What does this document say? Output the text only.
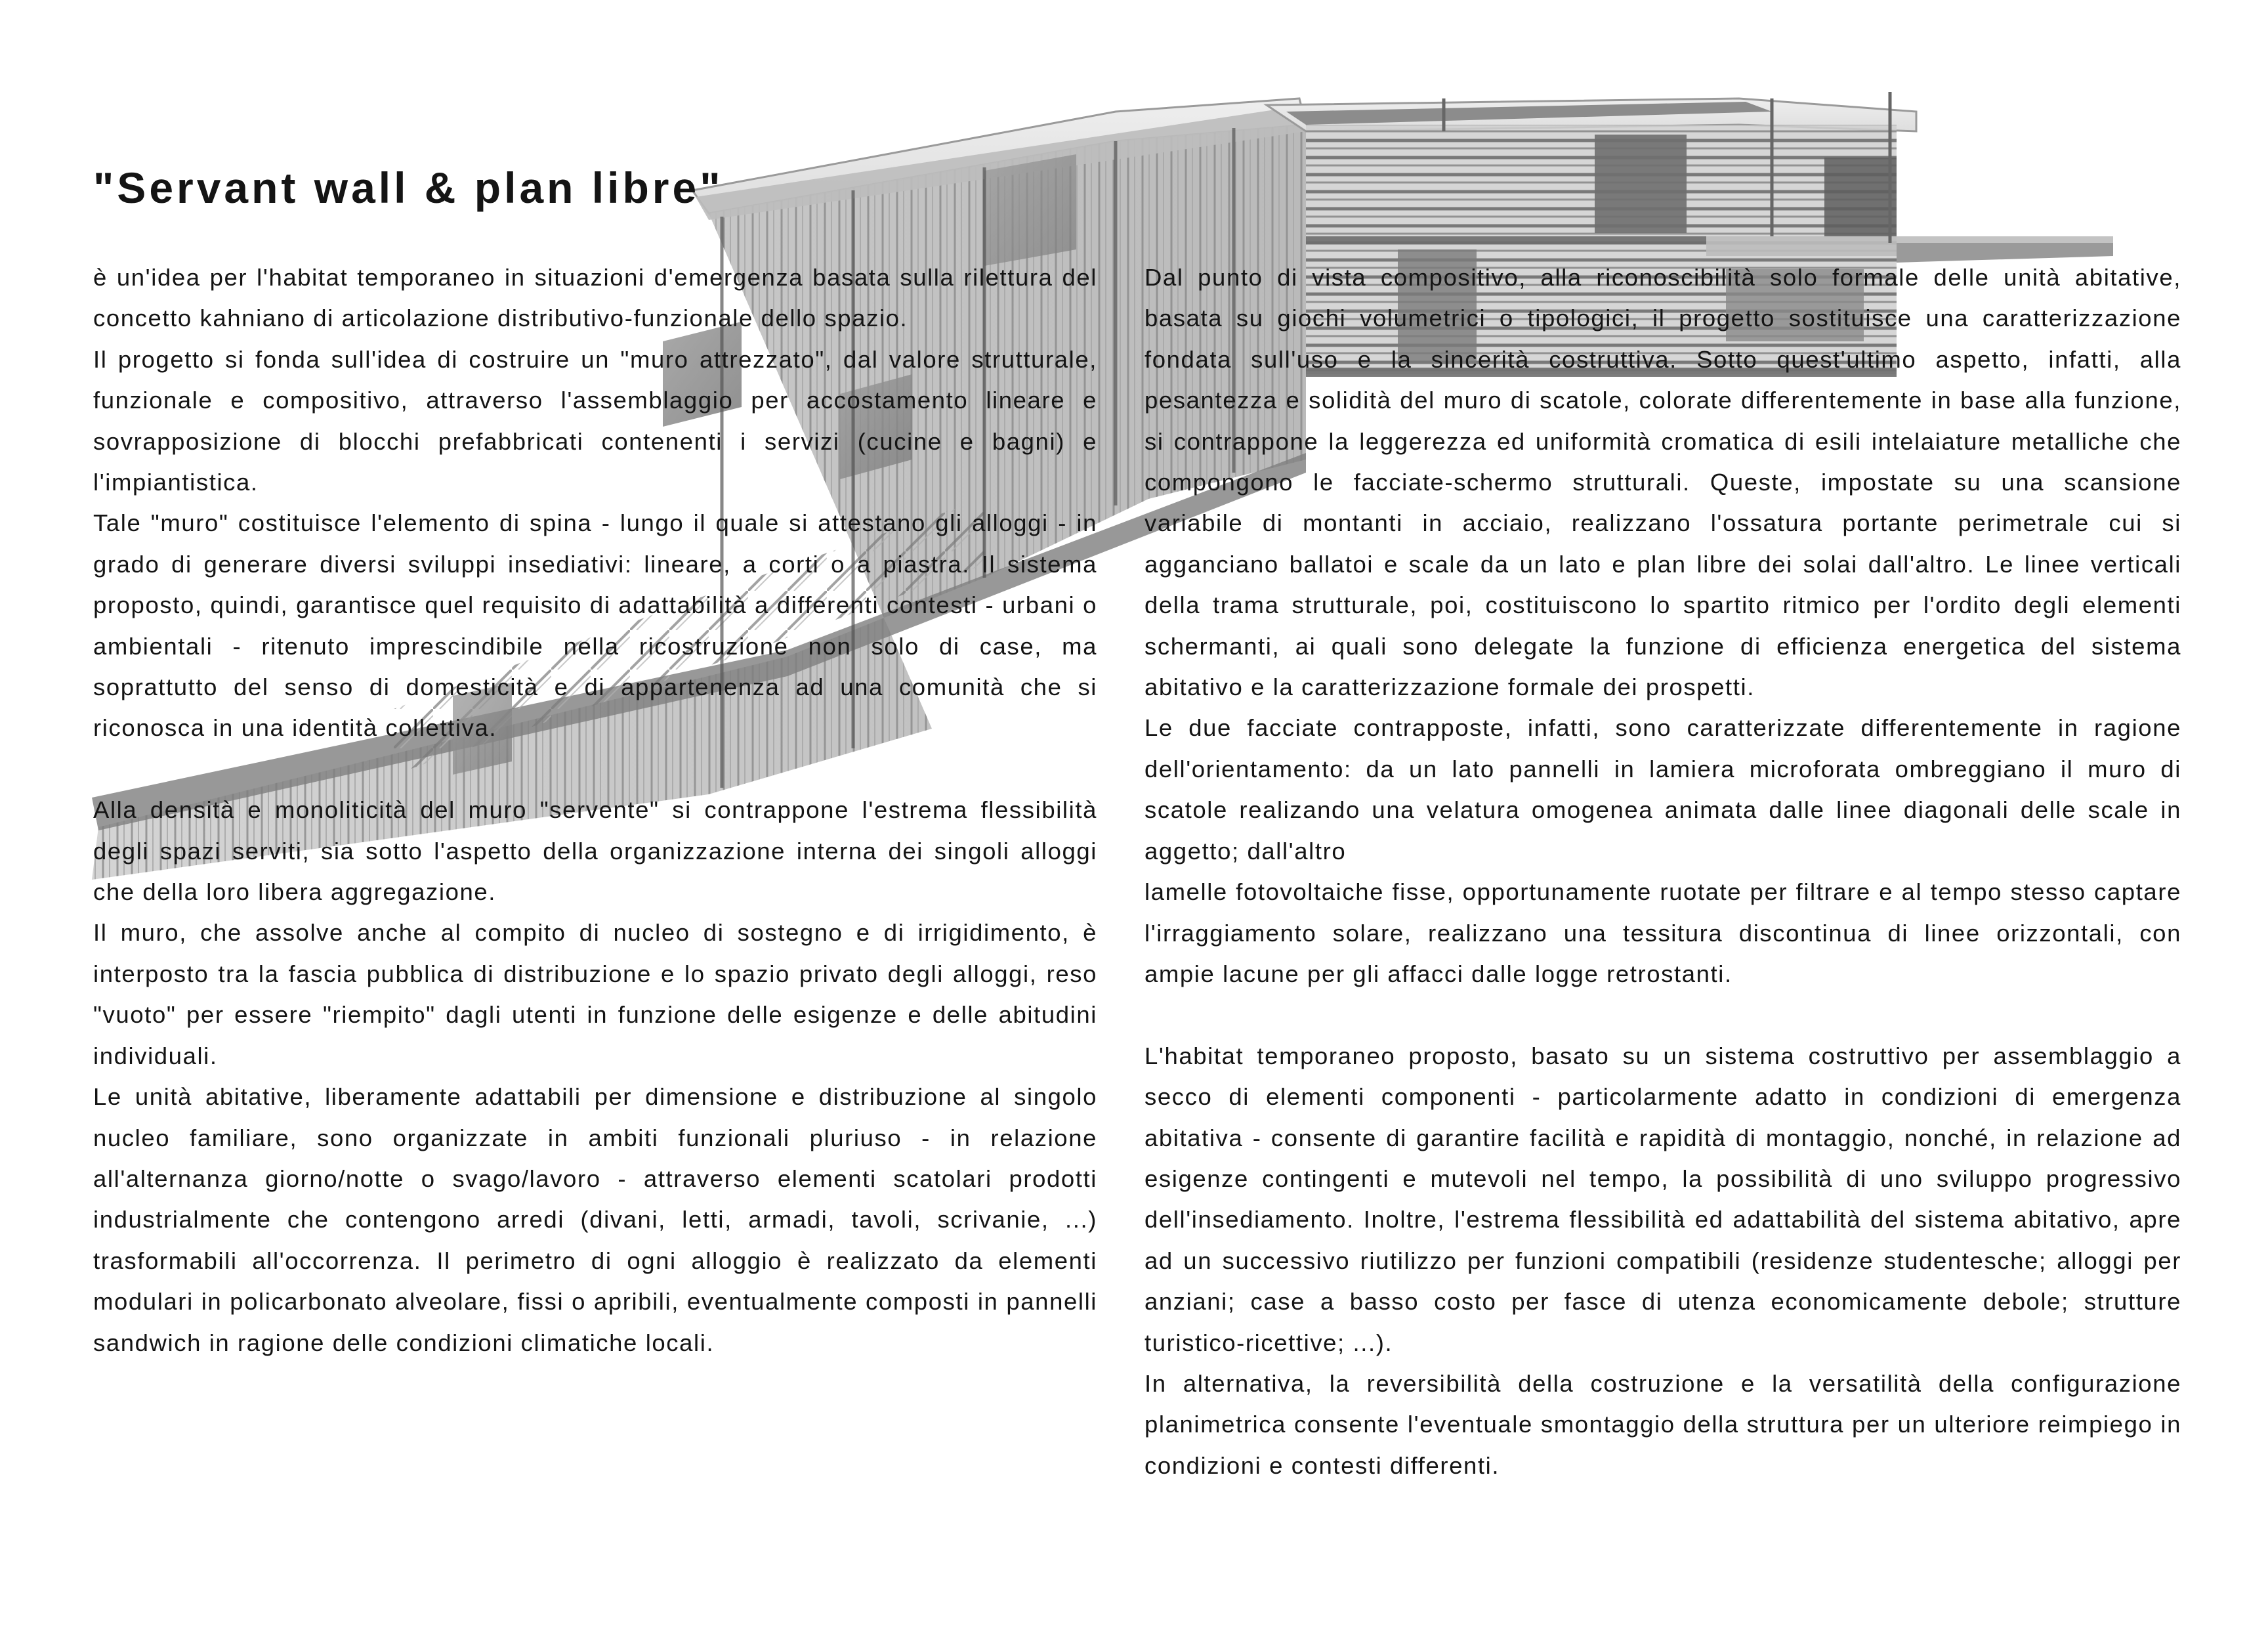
"Servant wall & plan libre"

è un'idea per l'habitat temporaneo in situazioni d'emergenza basata sulla rilettura del concetto kahniano di articolazione distributivo-funzionale dello spazio.

Il progetto si fonda sull'idea di costruire un "muro attrezzato", dal valore strutturale, funzionale e compositivo, attraverso l'assemblaggio per accostamento lineare e sovrapposizione di blocchi prefabbricati contenenti i servizi (cucine e bagni) e l'impiantistica.

Tale "muro" costituisce l'elemento di spina - lungo il quale si attestano gli alloggi - in grado di generare diversi sviluppi insediativi: lineare, a corti o a piastra. Il sistema proposto, quindi, garantisce quel requisito di adattabilità a differenti contesti - urbani o ambientali - ritenuto imprescindibile nella ricostruzione non solo di case, ma soprattutto del senso di domesticità e di appartenenza ad una comunità che si riconosca in una identità collettiva.

Alla densità e monoliticità del muro "servente" si contrappone l'estrema flessibilità degli spazi serviti, sia sotto l'aspetto della organizzazione interna dei singoli alloggi che della loro libera aggregazione.

Il muro, che assolve anche al compito di nucleo di sostegno e di irrigidimento, è interposto tra la fascia pubblica di distribuzione e lo spazio privato degli alloggi, reso "vuoto" per essere "riempito" dagli utenti in funzione delle esigenze e delle abitudini individuali.

Le unità abitative, liberamente adattabili per dimensione e distribuzione al singolo nucleo familiare, sono organizzate in ambiti funzionali pluriuso - in relazione all'alternanza giorno/notte o svago/lavoro - attraverso elementi scatolari prodotti industrialmente che contengono arredi (divani, letti, armadi, tavoli, scrivanie, ...) trasformabili all'occorrenza. Il perimetro di ogni alloggio è realizzato da elementi modulari in policarbonato alveolare, fissi o apribili, eventualmente composti in pannelli sandwich in ragione delle condizioni climatiche locali.

Dal punto di vista compositivo, alla riconoscibilità solo formale delle unità abitative, basata su giochi volumetrici o tipologici, il progetto sostituisce una caratterizzazione fondata sull'uso e la sincerità costruttiva. Sotto quest'ultimo aspetto, infatti, alla pesantezza e solidità del muro di scatole, colorate differentemente in base alla funzione, si contrappone la leggerezza ed uniformità cromatica di esili intelaiature metalliche che compongono le facciate-schermo strutturali. Queste, impostate su una scansione variabile di montanti in acciaio, realizzano l'ossatura portante perimetrale cui si agganciano ballatoi e scale da un lato e plan libre dei solai dall'altro. Le linee verticali della trama strutturale, poi, costituiscono lo spartito ritmico per l'ordito degli elementi schermanti, ai quali sono delegate la funzione di efficienza energetica del sistema abitativo e la caratterizzazione formale dei prospetti.

Le due facciate contrapposte, infatti, sono caratterizzate differentemente in ragione dell'orientamento: da un lato pannelli in lamiera microforata ombreggiano il muro di scatole realizando una velatura omogenea animata dalle linee diagonali delle scale in aggetto; dall'altro

lamelle fotovoltaiche fisse, opportunamente ruotate per filtrare e al tempo stesso captare l'irraggiamento solare, realizzano una tessitura discontinua di linee orizzontali, con ampie lacune per gli affacci dalle logge retrostanti.

L'habitat temporaneo proposto, basato su un sistema costruttivo per assemblaggio a secco di elementi componenti - particolarmente adatto in condizioni di emergenza abitativa - consente di garantire facilità e rapidità di montaggio, nonché, in relazione ad esigenze contingenti e mutevoli nel tempo, la possibilità di uno sviluppo progressivo dell'insediamento. Inoltre, l'estrema flessibilità ed adattabilità del sistema abitativo, apre ad un successivo riutilizzo per funzioni compatibili (residenze studentesche; alloggi per anziani; case a basso costo per fasce di utenza economicamente debole; strutture turistico-ricettive; ...).

In alternativa, la reversibilità della costruzione e la versatilità della configurazione planimetrica consente l'eventuale smontaggio della struttura per un ulteriore reimpiego in condizioni e contesti differenti.
